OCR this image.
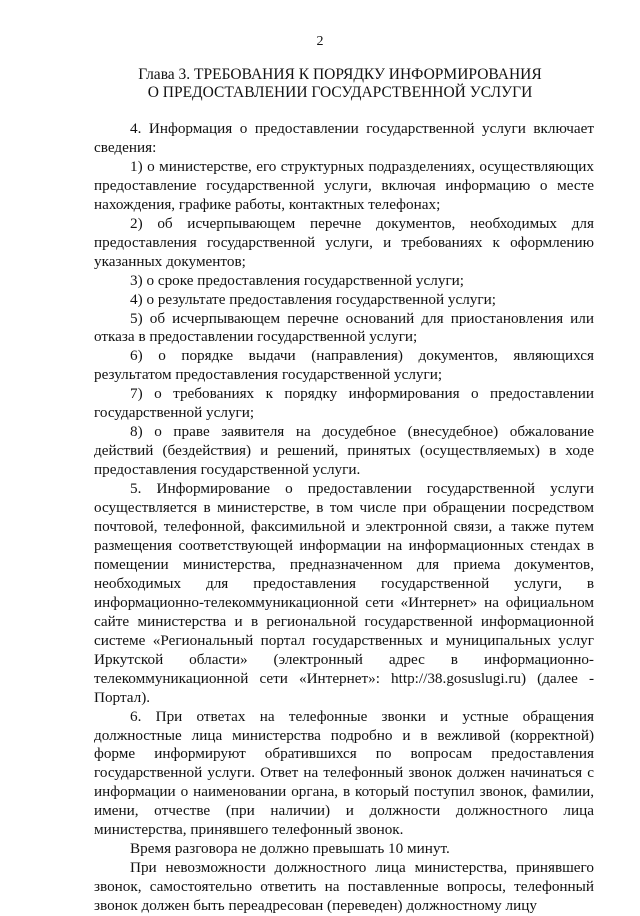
2
Глава 3. ТРЕБОВАНИЯ К ПОРЯДКУ ИНФОРМИРОВАНИЯ
О ПРЕДОСТАВЛЕНИИ ГОСУДАРСТВЕННОЙ УСЛУГИ

4. Информация о предоставлении государственной услуги включает сведения:

1) о министерстве, его структурных подразделениях, осуществляющих предоставление государственной услуги, включая информацию о месте нахождения, графике работы, контактных телефонах;

2) об исчерпывающем перечне документов, необходимых для предоставления государственной услуги, и требованиях к оформлению указанных документов;

3) о сроке предоставления государственной услуги;

4) о результате предоставления государственной услуги;

5) об исчерпывающем перечне оснований для приостановления или отказа в предоставлении государственной услуги;

6) о порядке выдачи (направления) документов, являющихся результатом предоставления государственной услуги;

7) о требованиях к порядку информирования о предоставлении государственной услуги;

8) о праве заявителя на досудебное (внесудебное) обжалование действий (бездействия) и решений, принятых (осуществляемых) в ходе предоставления государственной услуги.

5. Информирование о предоставлении государственной услуги осуществляется в министерстве, в том числе при обращении посредством почтовой, телефонной, факсимильной и электронной связи, а также путем размещения соответствующей информации на информационных стендах в помещении министерства, предназначенном для приема документов, необходимых для предоставления государственной услуги, в информационно-телекоммуникационной сети «Интернет» на официальном сайте министерства и в региональной государственной информационной системе «Региональный портал государственных и муниципальных услуг Иркутской области» (электронный адрес в информационно-телекоммуникационной сети «Интернет»: http://38.gosuslugi.ru) (далее - Портал).

6. При ответах на телефонные звонки и устные обращения должностные лица министерства подробно и в вежливой (корректной) форме информируют обратившихся по вопросам предоставления государственной услуги. Ответ на телефонный звонок должен начинаться с информации о наименовании органа, в который поступил звонок, фамилии, имени, отчестве (при наличии) и должности должностного лица министерства, принявшего телефонный звонок.

Время разговора не должно превышать 10 минут.

При невозможности должностного лица министерства, принявшего звонок, самостоятельно ответить на поставленные вопросы, телефонный звонок должен быть переадресован (переведен) должностному лицу
